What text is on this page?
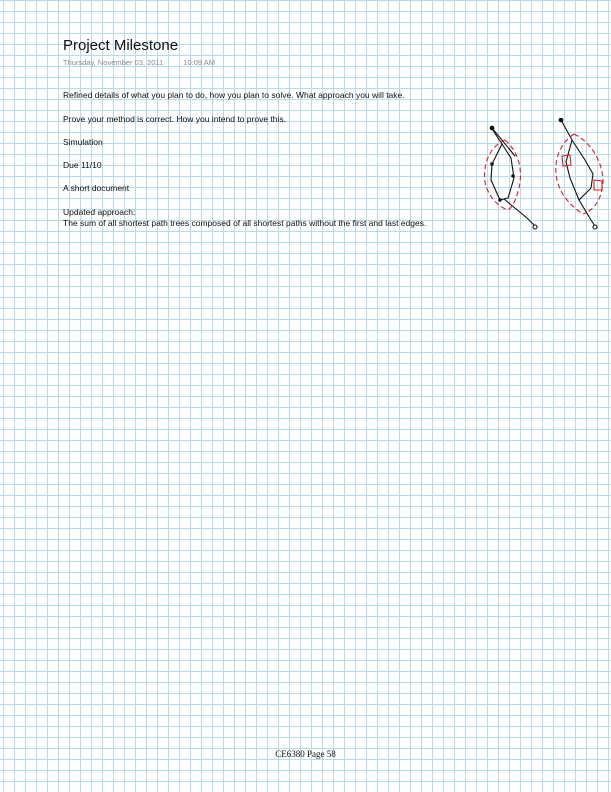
Project Milestone
Thursday, November 03, 2011	10:09 AM
Refined details of what you plan to do, how you plan to solve. What approach you will take.
Prove your method is correct. How you intend to prove this.
Simulation
Due 11/10
A short document
Updated approach:
The sum of all shortest path trees composed of all shortest paths without the first and last edges.
CE6380 Page 58
